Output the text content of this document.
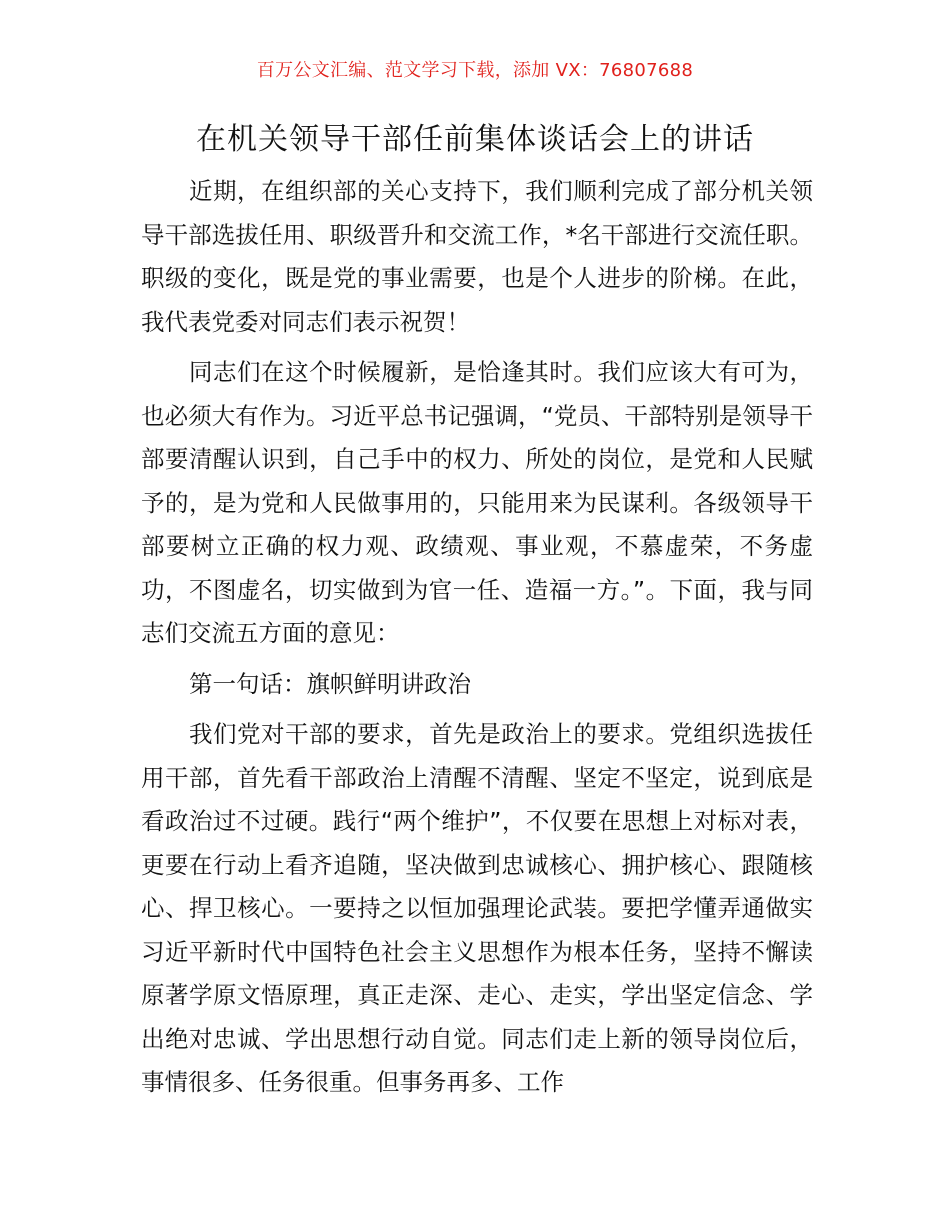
百万公文汇编、范文学习下载，添加 VX：76807688
在机关领导干部任前集体谈话会上的讲话

近期，在组织部的关心支持下，我们顺利完成了部分机关领导干部选拔任用、职级晋升和交流工作，*名干部进行交流任职。职级的变化，既是党的事业需要，也是个人进步的阶梯。在此，我代表党委对同志们表示祝贺！

同志们在这个时候履新，是恰逢其时。我们应该大有可为，也必须大有作为。习近平总书记强调，“党员、干部特别是领导干部要清醒认识到，自己手中的权力、所处的岗位，是党和人民赋予的，是为党和人民做事用的，只能用来为民谋利。各级领导干部要树立正确的权力观、政绩观、事业观，不慕虚荣，不务虚功，不图虚名，切实做到为官一任、造福一方。”。下面，我与同志们交流五方面的意见：

第一句话：旗帜鲜明讲政治

我们党对干部的要求，首先是政治上的要求。党组织选拔任用干部，首先看干部政治上清醒不清醒、坚定不坚定，说到底是看政治过不过硬。践行“两个维护”，不仅要在思想上对标对表，更要在行动上看齐追随，坚决做到忠诚核心、拥护核心、跟随核心、捍卫核心。一要持之以恒加强理论武装。要把学懂弄通做实习近平新时代中国特色社会主义思想作为根本任务，坚持不懈读原著学原文悟原理，真正走深、走心、走实，学出坚定信念、学出绝对忠诚、学出思想行动自觉。同志们走上新的领导岗位后，事情很多、任务很重。但事务再多、工作
